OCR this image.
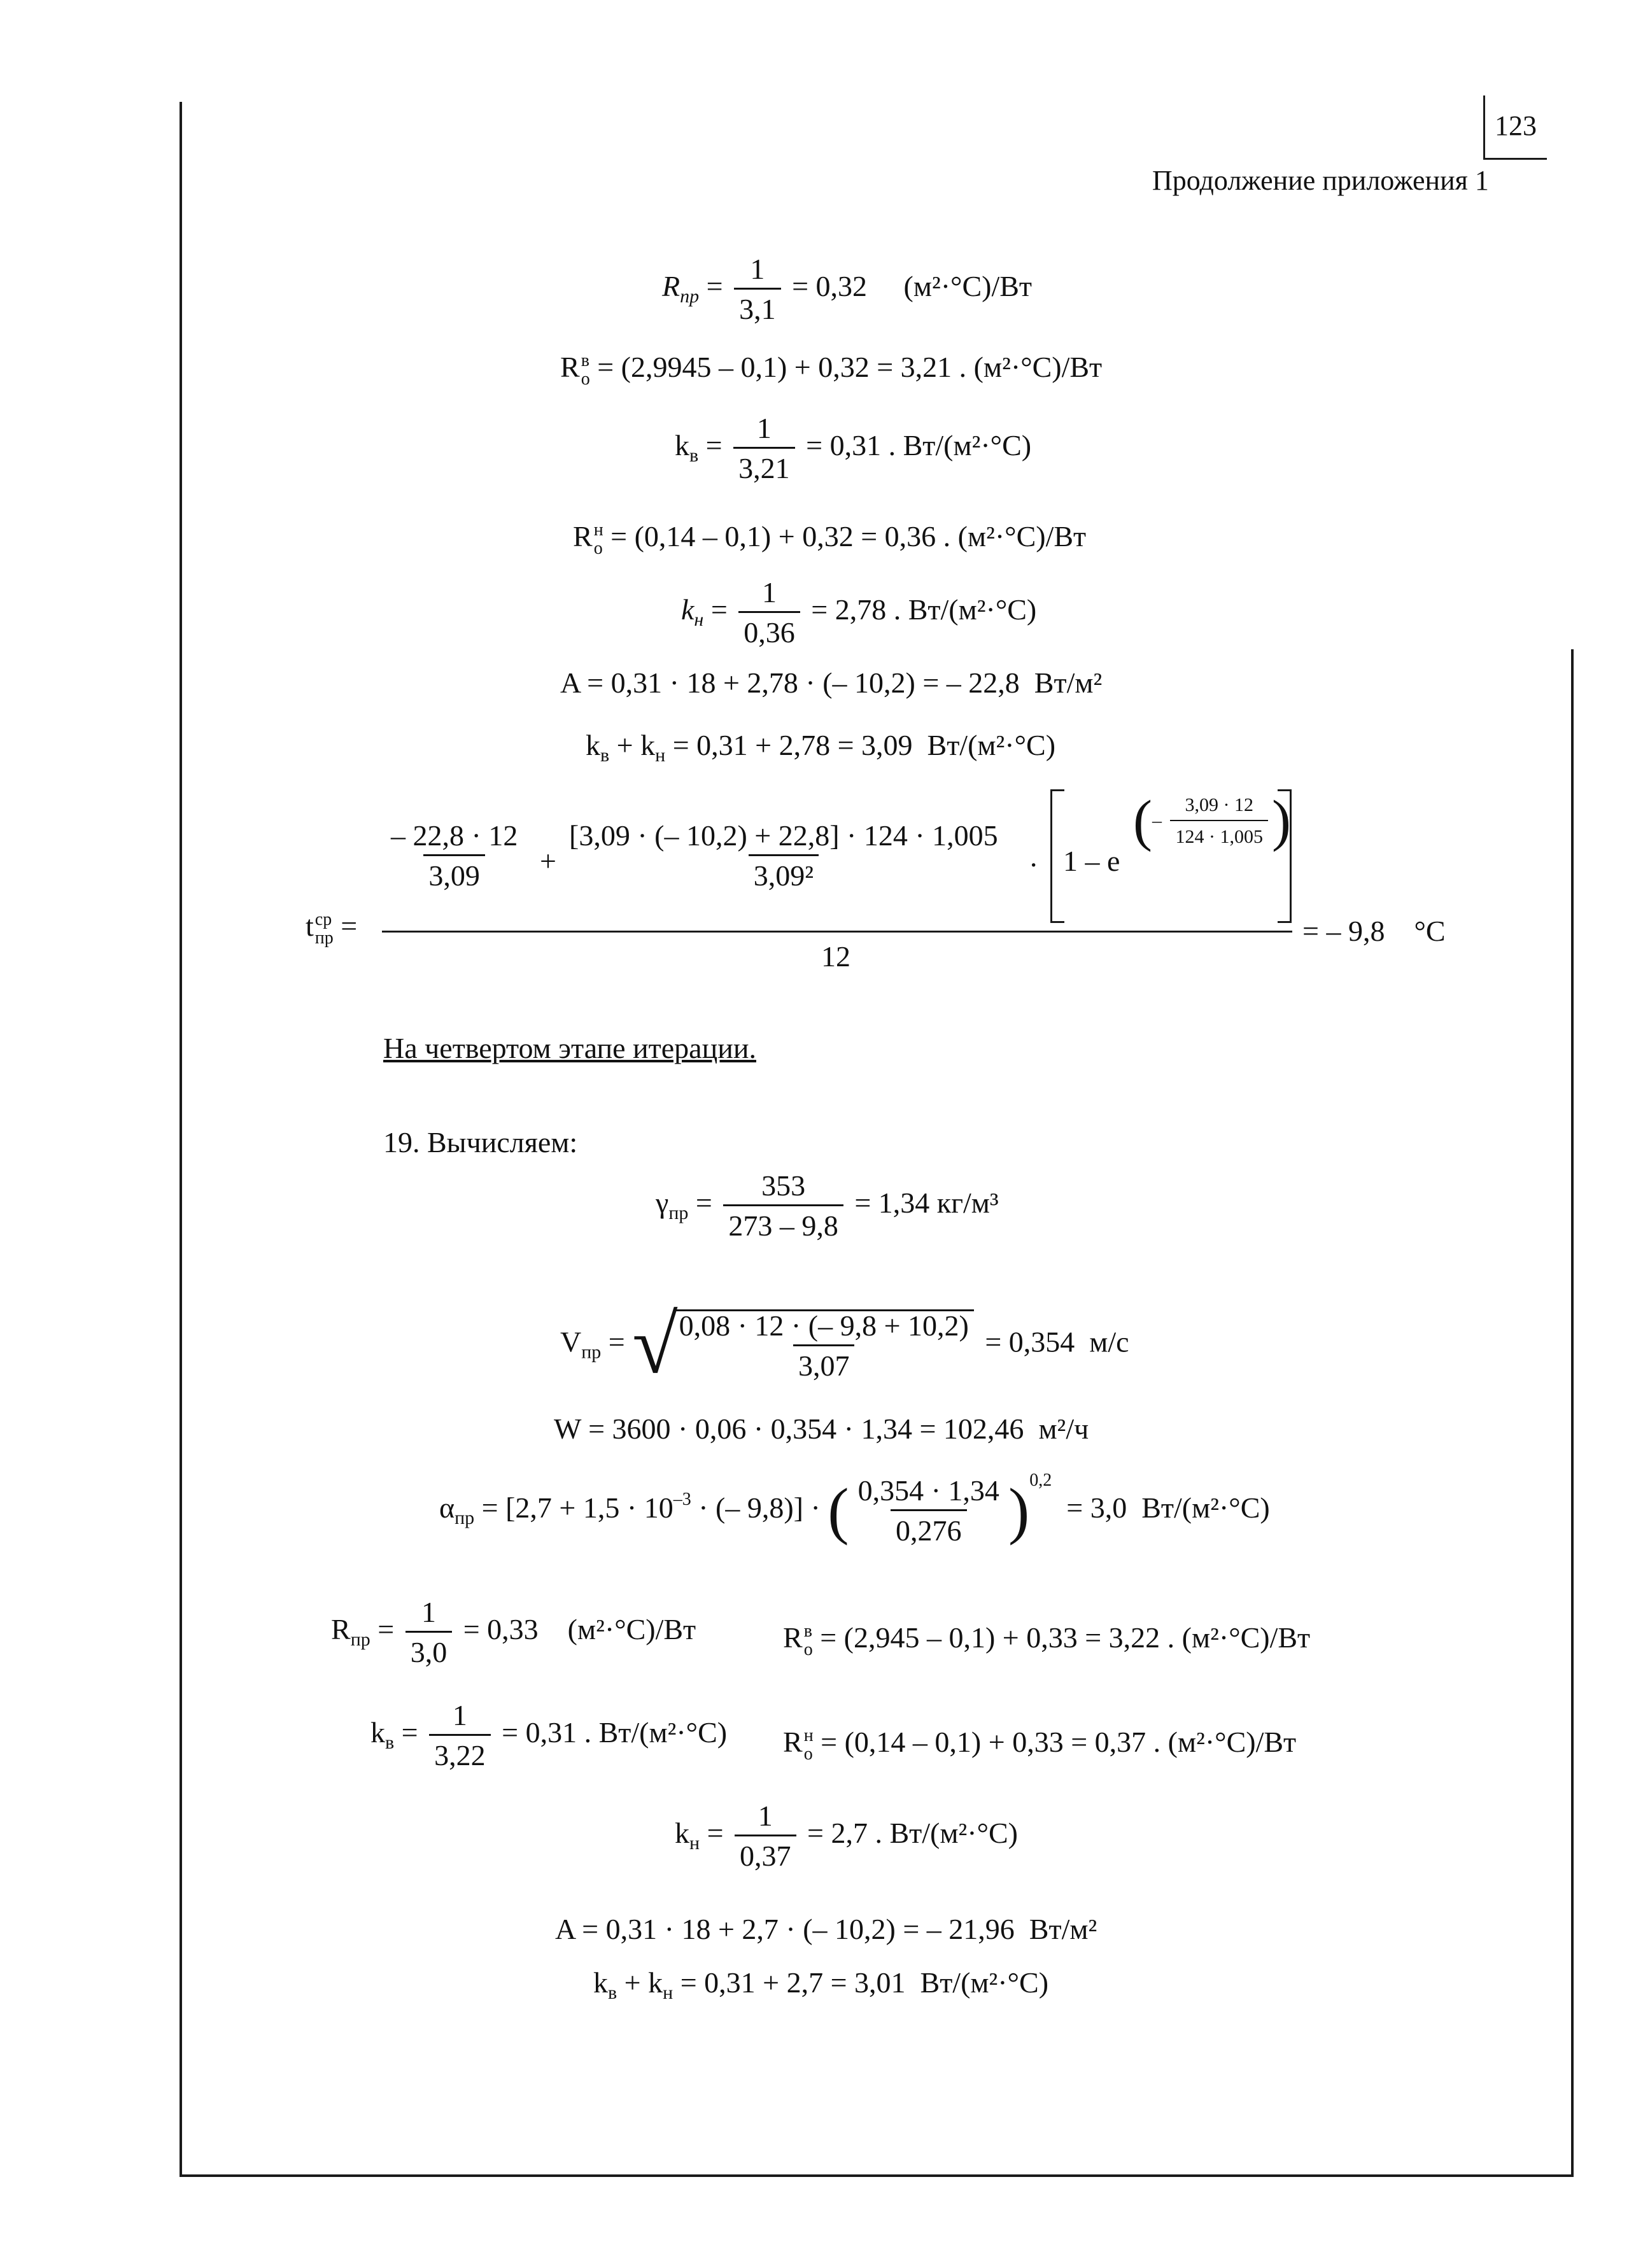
123
Продолжение приложения 1
$R_{пр} = \frac{1}{3,1} = 0,32$ (м²·°С)/Вт
R в
о = (2,9945 – 0,1) + 0,32 = 3,21 . (м²·°С)/Вт
$k_в = \frac{1}{3,21} = 0,31$ . Вт/(м²·°С)
R н
о = (0,14 – 0,1) + 0,32 = 0,36 . (м²·°С)/Вт
$k_н = \frac{1}{0,36} = 2,78$ . Вт/(м²·°С)
A = 0,31 · 18 + 2,78 · (– 10,2) = – 22,8 Вт/м²
$k_в + k_н = 0,31 + 2,78 = 3,09$ Вт/(м²·°С)
t ср
пр =
$\frac{- 22,8 \cdot 12}{3,09} + \frac{[3,09 \cdot (- 10,2) + 22,8] \cdot 124 \cdot 1,005}{\text{3,09²}} \cdot 1 - e$
(– $\frac{3,09 \cdot 12}{124 \cdot 1,005}$ )
12
= – 9,8 °С
На четвертом этапе итерации.
19. Вычисляем:
$\gamma_{пр} = \frac{353}{273 - 9,8} = 1,34$ кг/м³
$V_{пр}$ = √
$\frac{0,08 \cdot 12 \cdot (- 9,8 + 10,2)}{3,07} = 0,354$ м/с
W = 3600 · 0,06 · 0,354 · 1,34 = 102,46 м²/ч
$\alpha_{пр} = [2,7 + 1,5 \cdot 10^{-3}$ · (– 9,8)] · ( $\frac{0,354 \cdot 1,34}{0,276} )^{0,2} = 3,0$ Вт/(м²·°С)
$R_{пр} = \frac{1}{3,0} = 0,33$ (м²·°С)/Вт	R в
о = (2,945 – 0,1) + 0,33 = 3,22 . (м²·°С)/Вт
$k_в = \frac{1}{3,22} = 0,31$ . Вт/(м²·°С) R н
о = (0,14 – 0,1) + 0,33 = 0,37 . (м²·°С)/Вт
$k_н = \frac{1}{0,37} = 2,7$ . Вт/(м²·°С)
A = 0,31 · 18 + 2,7 · (– 10,2) = – 21,96 Вт/м²
$k_в + k_н = 0,31 + 2,7 = 3,01$ Вт/(м²·°С)
